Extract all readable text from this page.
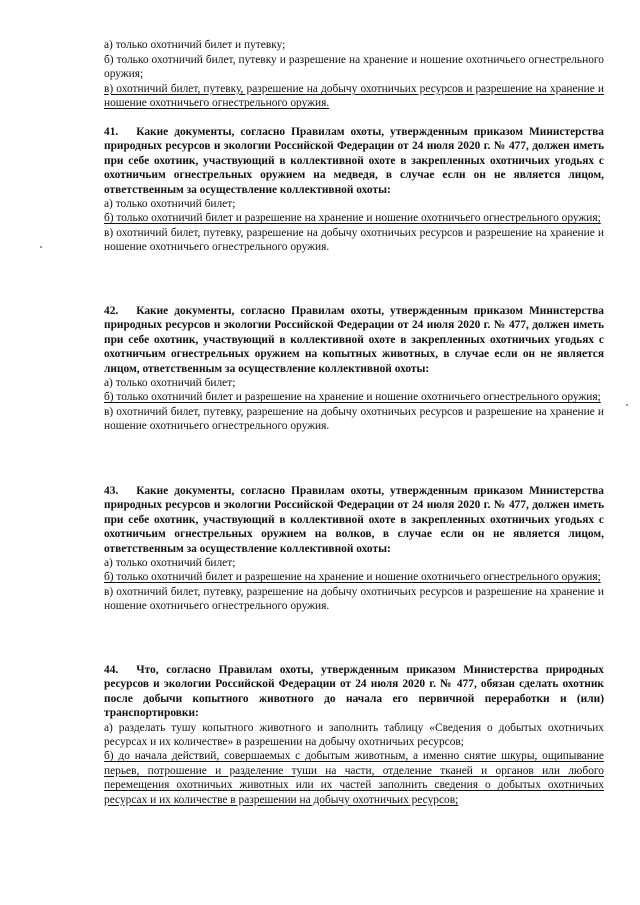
а) только охотничий билет и путевку;

б) только охотничий билет, путевку и разрешение на хранение и ношение охотничьего огнестрельного оружия;

в) охотничий билет, путевку, разрешение на добычу охотничьих ресурсов и разрешение на хранение и ношение охотничьего огнестрельного оружия.

41. Какие документы, согласно Правилам охоты, утвержденным приказом Министерства природных ресурсов и экологии Российской Федерации от 24 июля 2020 г. № 477, должен иметь при себе охотник, участвующий в коллективной охоте в закрепленных охотничьих угодьях с охотничьим огнестрельных оружием на медведя, в случае если он не является лицом, ответственным за осуществление коллективной охоты:

а) только охотничий билет;

б) только охотничий билет и разрешение на хранение и ношение охотничьего огнестрельного оружия;

в) охотничий билет, путевку, разрешение на добычу охотничьих ресурсов и разрешение на хранение и ношение охотничьего огнестрельного оружия.

42. Какие документы, согласно Правилам охоты, утвержденным приказом Министерства природных ресурсов и экологии Российской Федерации от 24 июля 2020 г. № 477, должен иметь при себе охотник, участвующий в коллективной охоте в закрепленных охотничьих угодьях с охотничьим огнестрельных оружием на копытных животных, в случае если он не является лицом, ответственным за осуществление коллективной охоты:

а) только охотничий билет;

б) только охотничий билет и разрешение на хранение и ношение охотничьего огнестрельного оружия;

в) охотничий билет, путевку, разрешение на добычу охотничьих ресурсов и разрешение на хранение и ношение охотничьего огнестрельного оружия.

43. Какие документы, согласно Правилам охоты, утвержденным приказом Министерства природных ресурсов и экологии Российской Федерации от 24 июля 2020 г. № 477, должен иметь при себе охотник, участвующий в коллективной охоте в закрепленных охотничьих угодьях с охотничьим огнестрельных оружием на волков, в случае если он не является лицом, ответственным за осуществление коллективной охоты:

а) только охотничий билет;

б) только охотничий билет и разрешение на хранение и ношение охотничьего огнестрельного оружия;

в) охотничий билет, путевку, разрешение на добычу охотничьих ресурсов и разрешение на хранение и ношение охотничьего огнестрельного оружия.

44. Что, согласно Правилам охоты, утвержденным приказом Министерства природных ресурсов и экологии Российской Федерации от 24 июля 2020 г. № 477, обязан сделать охотник после добычи копытного животного до начала его первичной переработки и (или) транспортировки:

а) разделать тушу копытного животного и заполнить таблицу «Сведения о добытых охотничьих ресурсах и их количестве» в разрешении на добычу охотничьих ресурсов;

б) до начала действий, совершаемых с добытым животным, а именно снятие шкуры, ощипывание перьев, потрошение и разделение туши на части, отделение тканей и органов или любого перемещения охотничьих животных или их частей заполнить сведения о добытых охотничьих ресурсах и их количестве в разрешении на добычу охотничьих ресурсов;
